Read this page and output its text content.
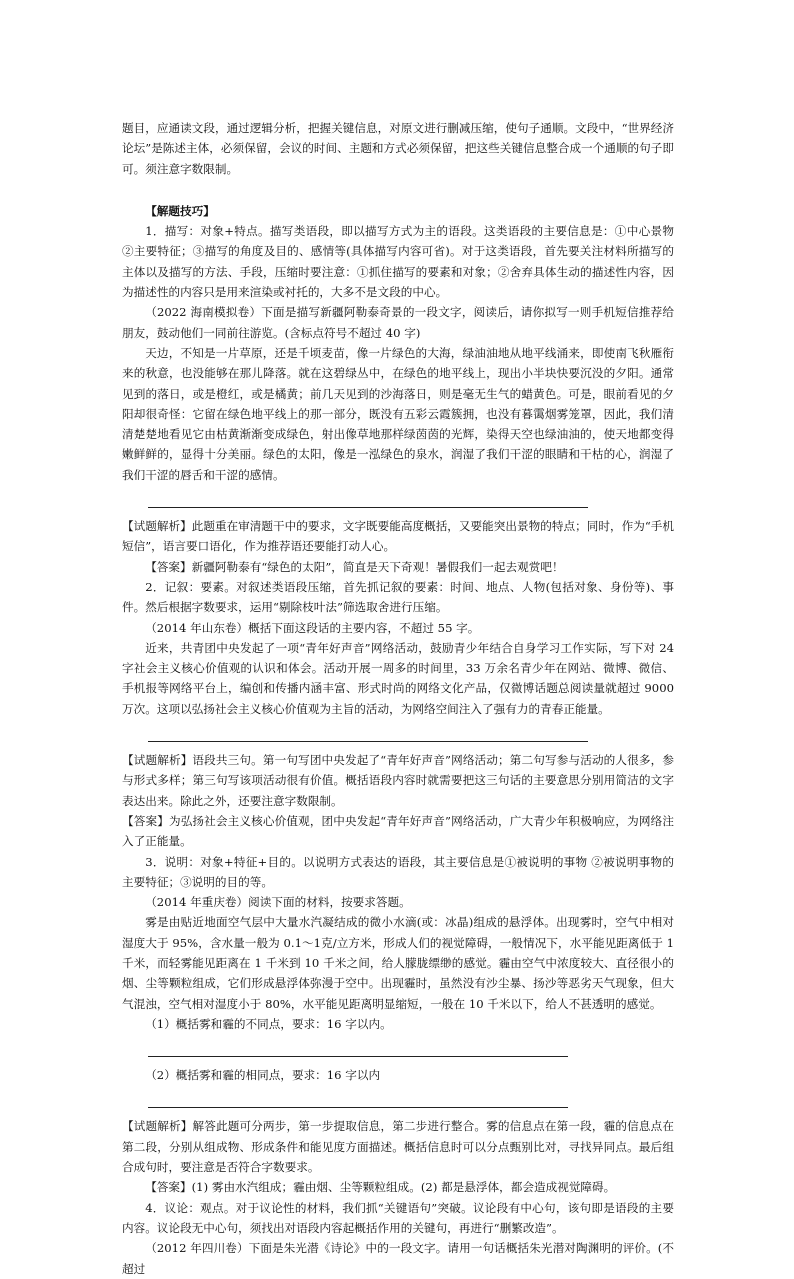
题目，应通读文段，通过逻辑分析，把握关键信息，对原文进行删减压缩，使句子通顺。文段中，“世界经济论坛”是陈述主体，必须保留，会议的时间、主题和方式必须保留，把这些关键信息整合成一个通顺的句子即可。须注意字数限制。

【解题技巧】

1．描写：对象+特点。描写类语段，即以描写方式为主的语段。这类语段的主要信息是：①中心景物 ②主要特征；③描写的角度及目的、感情等(具体描写内容可省)。对于这类语段，首先要关注材料所描写的主体以及描写的方法、手段，压缩时要注意：①抓住描写的要素和对象；②舍弃具体生动的描述性内容，因为描述性的内容只是用来渲染或衬托的，大多不是文段的中心。

（2022 海南模拟卷）下面是描写新疆阿勒泰奇景的一段文字，阅读后，请你拟写一则手机短信推荐给朋友，鼓动他们一同前往游览。(含标点符号不超过 40 字)

天边，不知是一片草原，还是千顷麦苗，像一片绿色的大海，绿油油地从地平线涌来，即使南飞秋雁衔来的秋意，也没能够在那儿降落。就在这碧绿丛中，在绿色的地平线上，现出小半块快要沉没的夕阳。通常见到的落日，或是橙红，或是橘黄；前几天见到的沙海落日，则是毫无生气的蜡黄色。可是，眼前看见的夕阳却很奇怪：它留在绿色地平线上的那一部分，既没有五彩云霞簇拥，也没有暮霭烟雾笼罩，因此，我们清清楚楚地看见它由枯黄渐渐变成绿色，射出像草地那样绿茵茵的光辉，染得天空也绿油油的，使天地都变得嫩鲜鲜的，显得十分美丽。绿色的太阳，像是一泓绿色的泉水，润湿了我们干涩的眼睛和干枯的心，润湿了我们干涩的唇舌和干涩的感情。

【试题解析】此题重在审清题干中的要求，文字既要能高度概括，又要能突出景物的特点；同时，作为“手机短信”，语言要口语化，作为推荐语还要能打动人心。

【答案】新疆阿勒泰有“绿色的太阳”，简直是天下奇观！暑假我们一起去观赏吧！

2．记叙：要素。对叙述类语段压缩，首先抓记叙的要素：时间、地点、人物(包括对象、身份等)、事件。然后根据字数要求，运用“剔除枝叶法”筛选取舍进行压缩。

（2014 年山东卷）概括下面这段话的主要内容，不超过 55 字。

近来，共青团中央发起了一项“青年好声音”网络活动，鼓励青少年结合自身学习工作实际，写下对 24 字社会主义核心价值观的认识和体会。活动开展一周多的时间里，33 万余名青少年在网站、微博、微信、手机报等网络平台上，编创和传播内涵丰富、形式时尚的网络文化产品，仅微博话题总阅读量就超过 9000 万次。这项以弘扬社会主义核心价值观为主旨的活动，为网络空间注入了强有力的青春正能量。

【试题解析】语段共三句。第一句写团中央发起了“青年好声音”网络活动；第二句写参与活动的人很多，参与形式多样；第三句写该项活动很有价值。概括语段内容时就需要把这三句话的主要意思分别用简洁的文字表达出来。除此之外，还要注意字数限制。

【答案】为弘扬社会主义核心价值观，团中央发起“青年好声音”网络活动，广大青少年积极响应，为网络注入了正能量。

3．说明：对象+特征+目的。以说明方式表达的语段，其主要信息是①被说明的事物 ②被说明事物的主要特征；③说明的目的等。

（2014 年重庆卷）阅读下面的材料，按要求答题。

雾是由贴近地面空气层中大量水汽凝结成的微小水滴(或：冰晶)组成的悬浮体。出现雾时，空气中相对湿度大于 95%，含水量一般为 0.1～1克/立方米，形成人们的视觉障碍，一般情况下，水平能见距离低于 1 千米，而轻雾能见距离在 1 千米到 10 千米之间，给人朦胧缥缈的感觉。霾由空气中浓度较大、直径很小的烟、尘等颗粒组成，它们形成悬浮体弥漫于空中。出现霾时，虽然没有沙尘暴、扬沙等恶劣天气现象，但大气混浊，空气相对湿度小于 80%，水平能见距离明显缩短，一般在 10 千米以下，给人不甚透明的感觉。

（1）概括雾和霾的不同点，要求：16 字以内。

（2）概括雾和霾的相同点，要求：16 字以内

【试题解析】解答此题可分两步，第一步提取信息，第二步进行整合。雾的信息点在第一段，霾的信息点在第二段，分别从组成物、形成条件和能见度方面描述。概括信息时可以分点甄别比对，寻找异同点。最后组合成句时，要注意是否符合字数要求。

【答案】(1) 雾由水汽组成；霾由烟、尘等颗粒组成。(2) 都是悬浮体，都会造成视觉障碍。

4．议论：观点。对于议论性的材料，我们抓“关键语句”突破。议论段有中心句，该句即是语段的主要内容。议论段无中心句，须找出对语段内容起概括作用的关键句，再进行“删繁改造”。

（2012 年四川卷）下面是朱光潜《诗论》中的一段文字。请用一句话概括朱光潜对陶渊明的评价。(不超过
